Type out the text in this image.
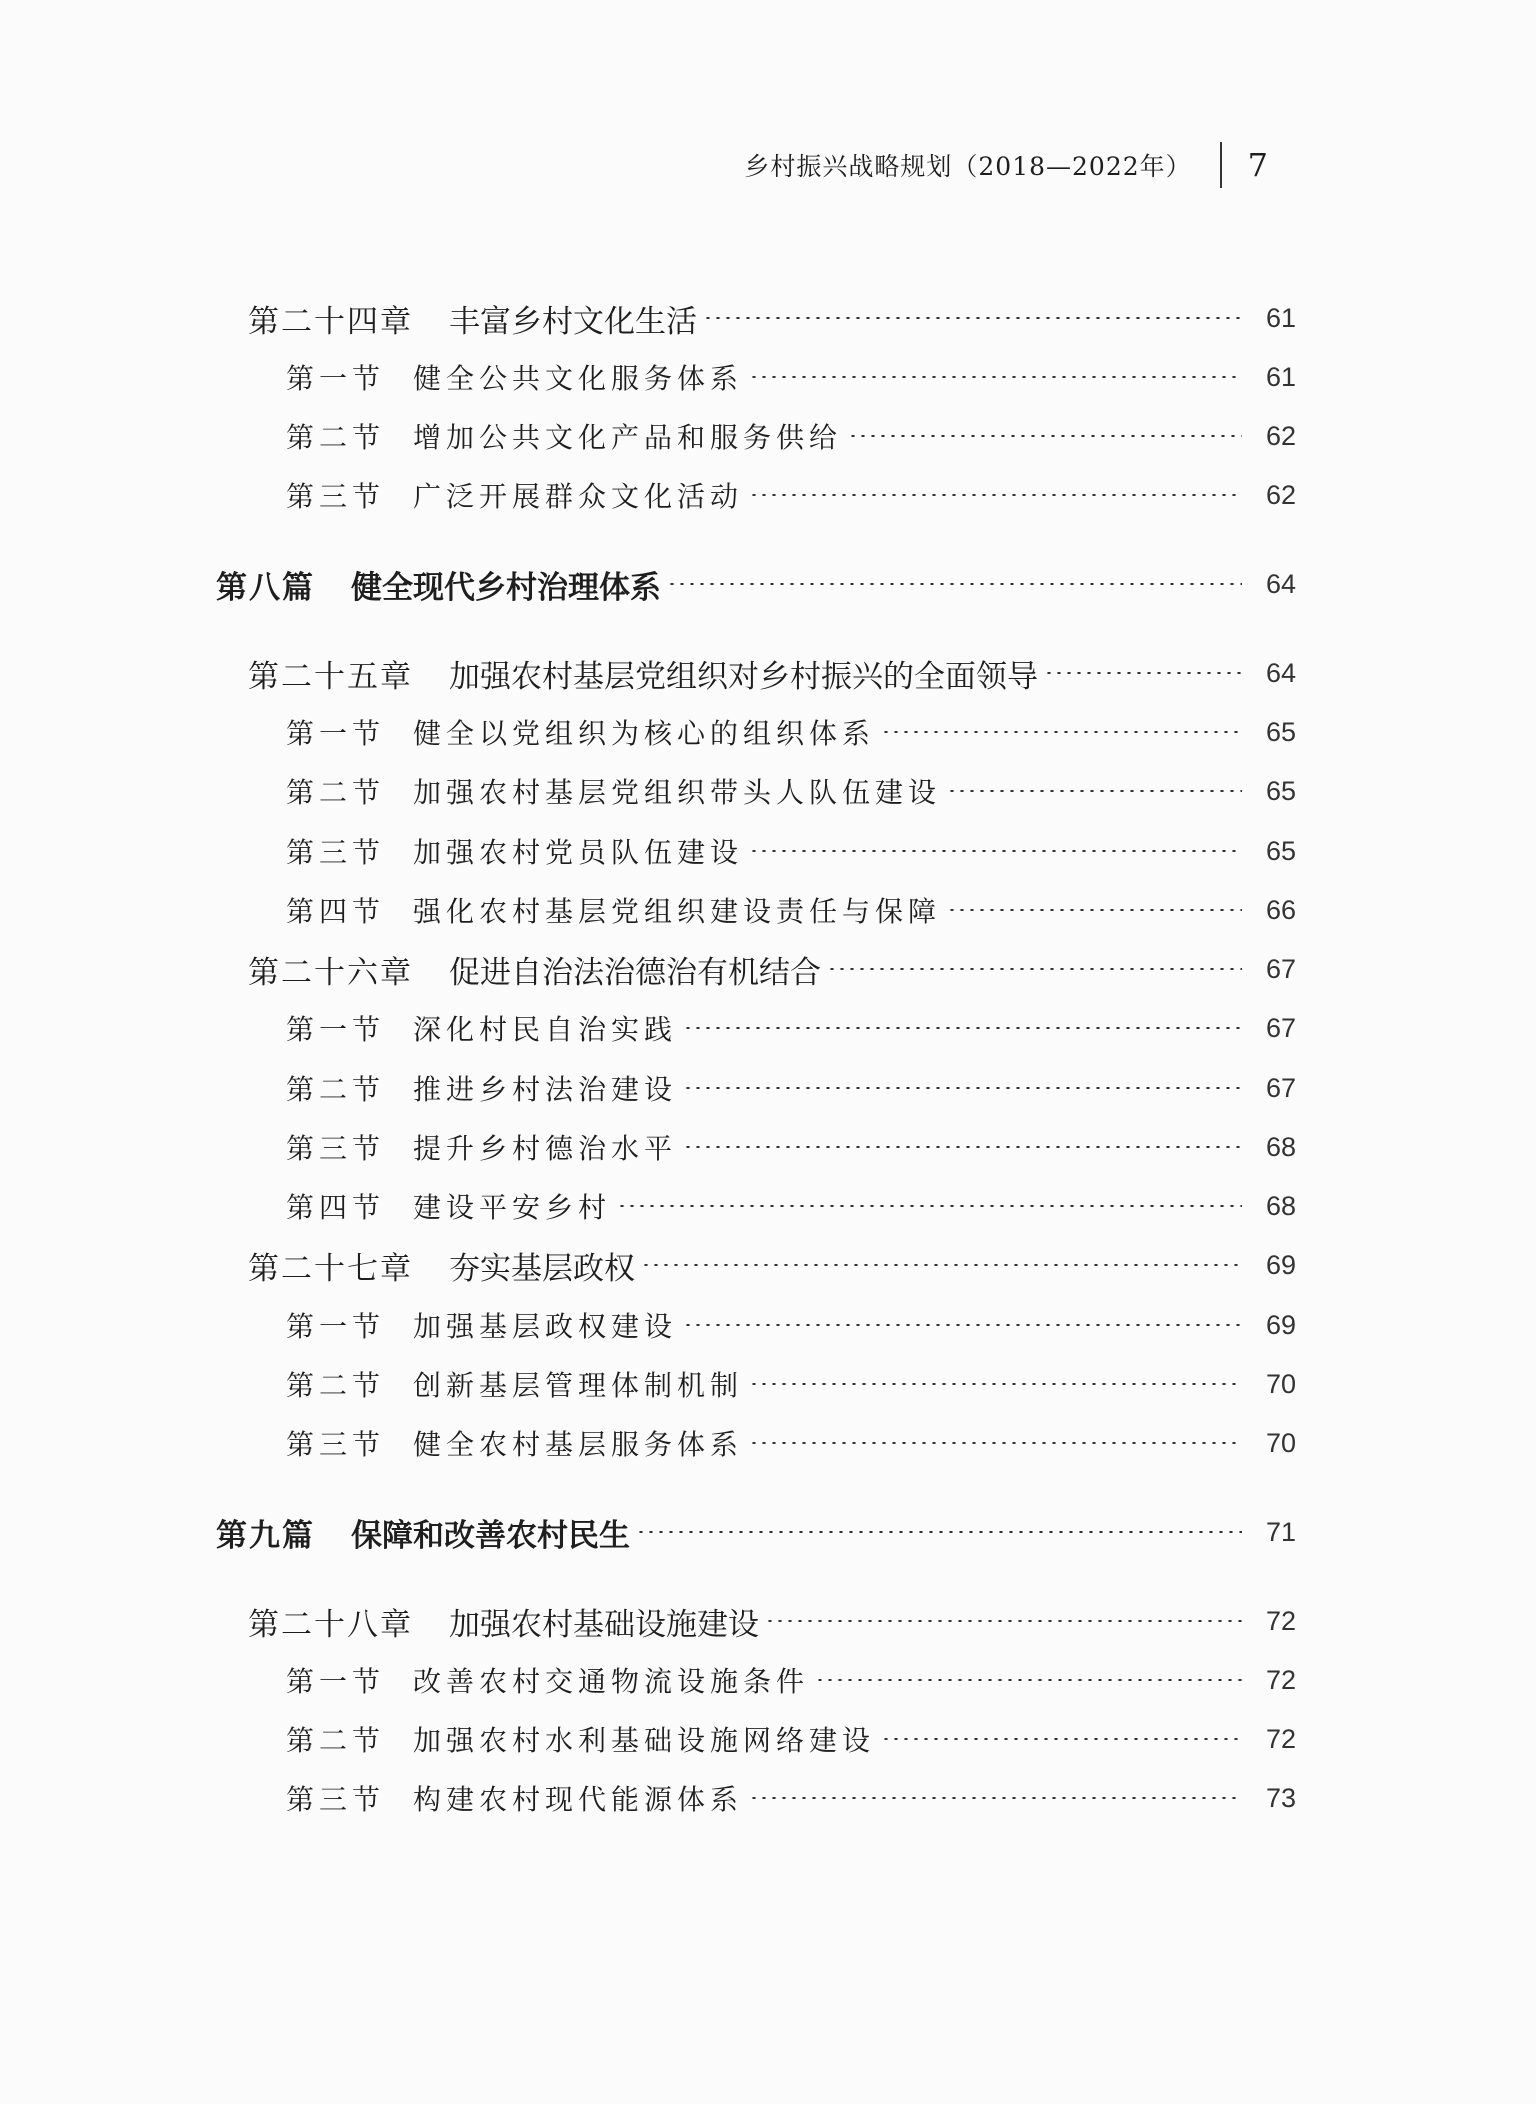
乡村振兴战略规划（2018—2022年） 7
第二十四章 丰富乡村文化生活	61
第一节 健全公共文化服务体系	61
第二节 增加公共文化产品和服务供给	62
第三节 广泛开展群众文化活动	62
第八篇 健全现代乡村治理体系	64
第二十五章 加强农村基层党组织对乡村振兴的全面领导	64
第一节 健全以党组织为核心的组织体系	65
第二节 加强农村基层党组织带头人队伍建设	65
第三节 加强农村党员队伍建设	65
第四节 强化农村基层党组织建设责任与保障	66
第二十六章 促进自治法治德治有机结合	67
第一节 深化村民自治实践	67
第二节 推进乡村法治建设	67
第三节 提升乡村德治水平	68
第四节 建设平安乡村	68
第二十七章 夯实基层政权	69
第一节 加强基层政权建设	69
第二节 创新基层管理体制机制	70
第三节 健全农村基层服务体系	70
第九篇 保障和改善农村民生	71
第二十八章 加强农村基础设施建设	72
第一节 改善农村交通物流设施条件	72
第二节 加强农村水利基础设施网络建设	72
第三节 构建农村现代能源体系	73
